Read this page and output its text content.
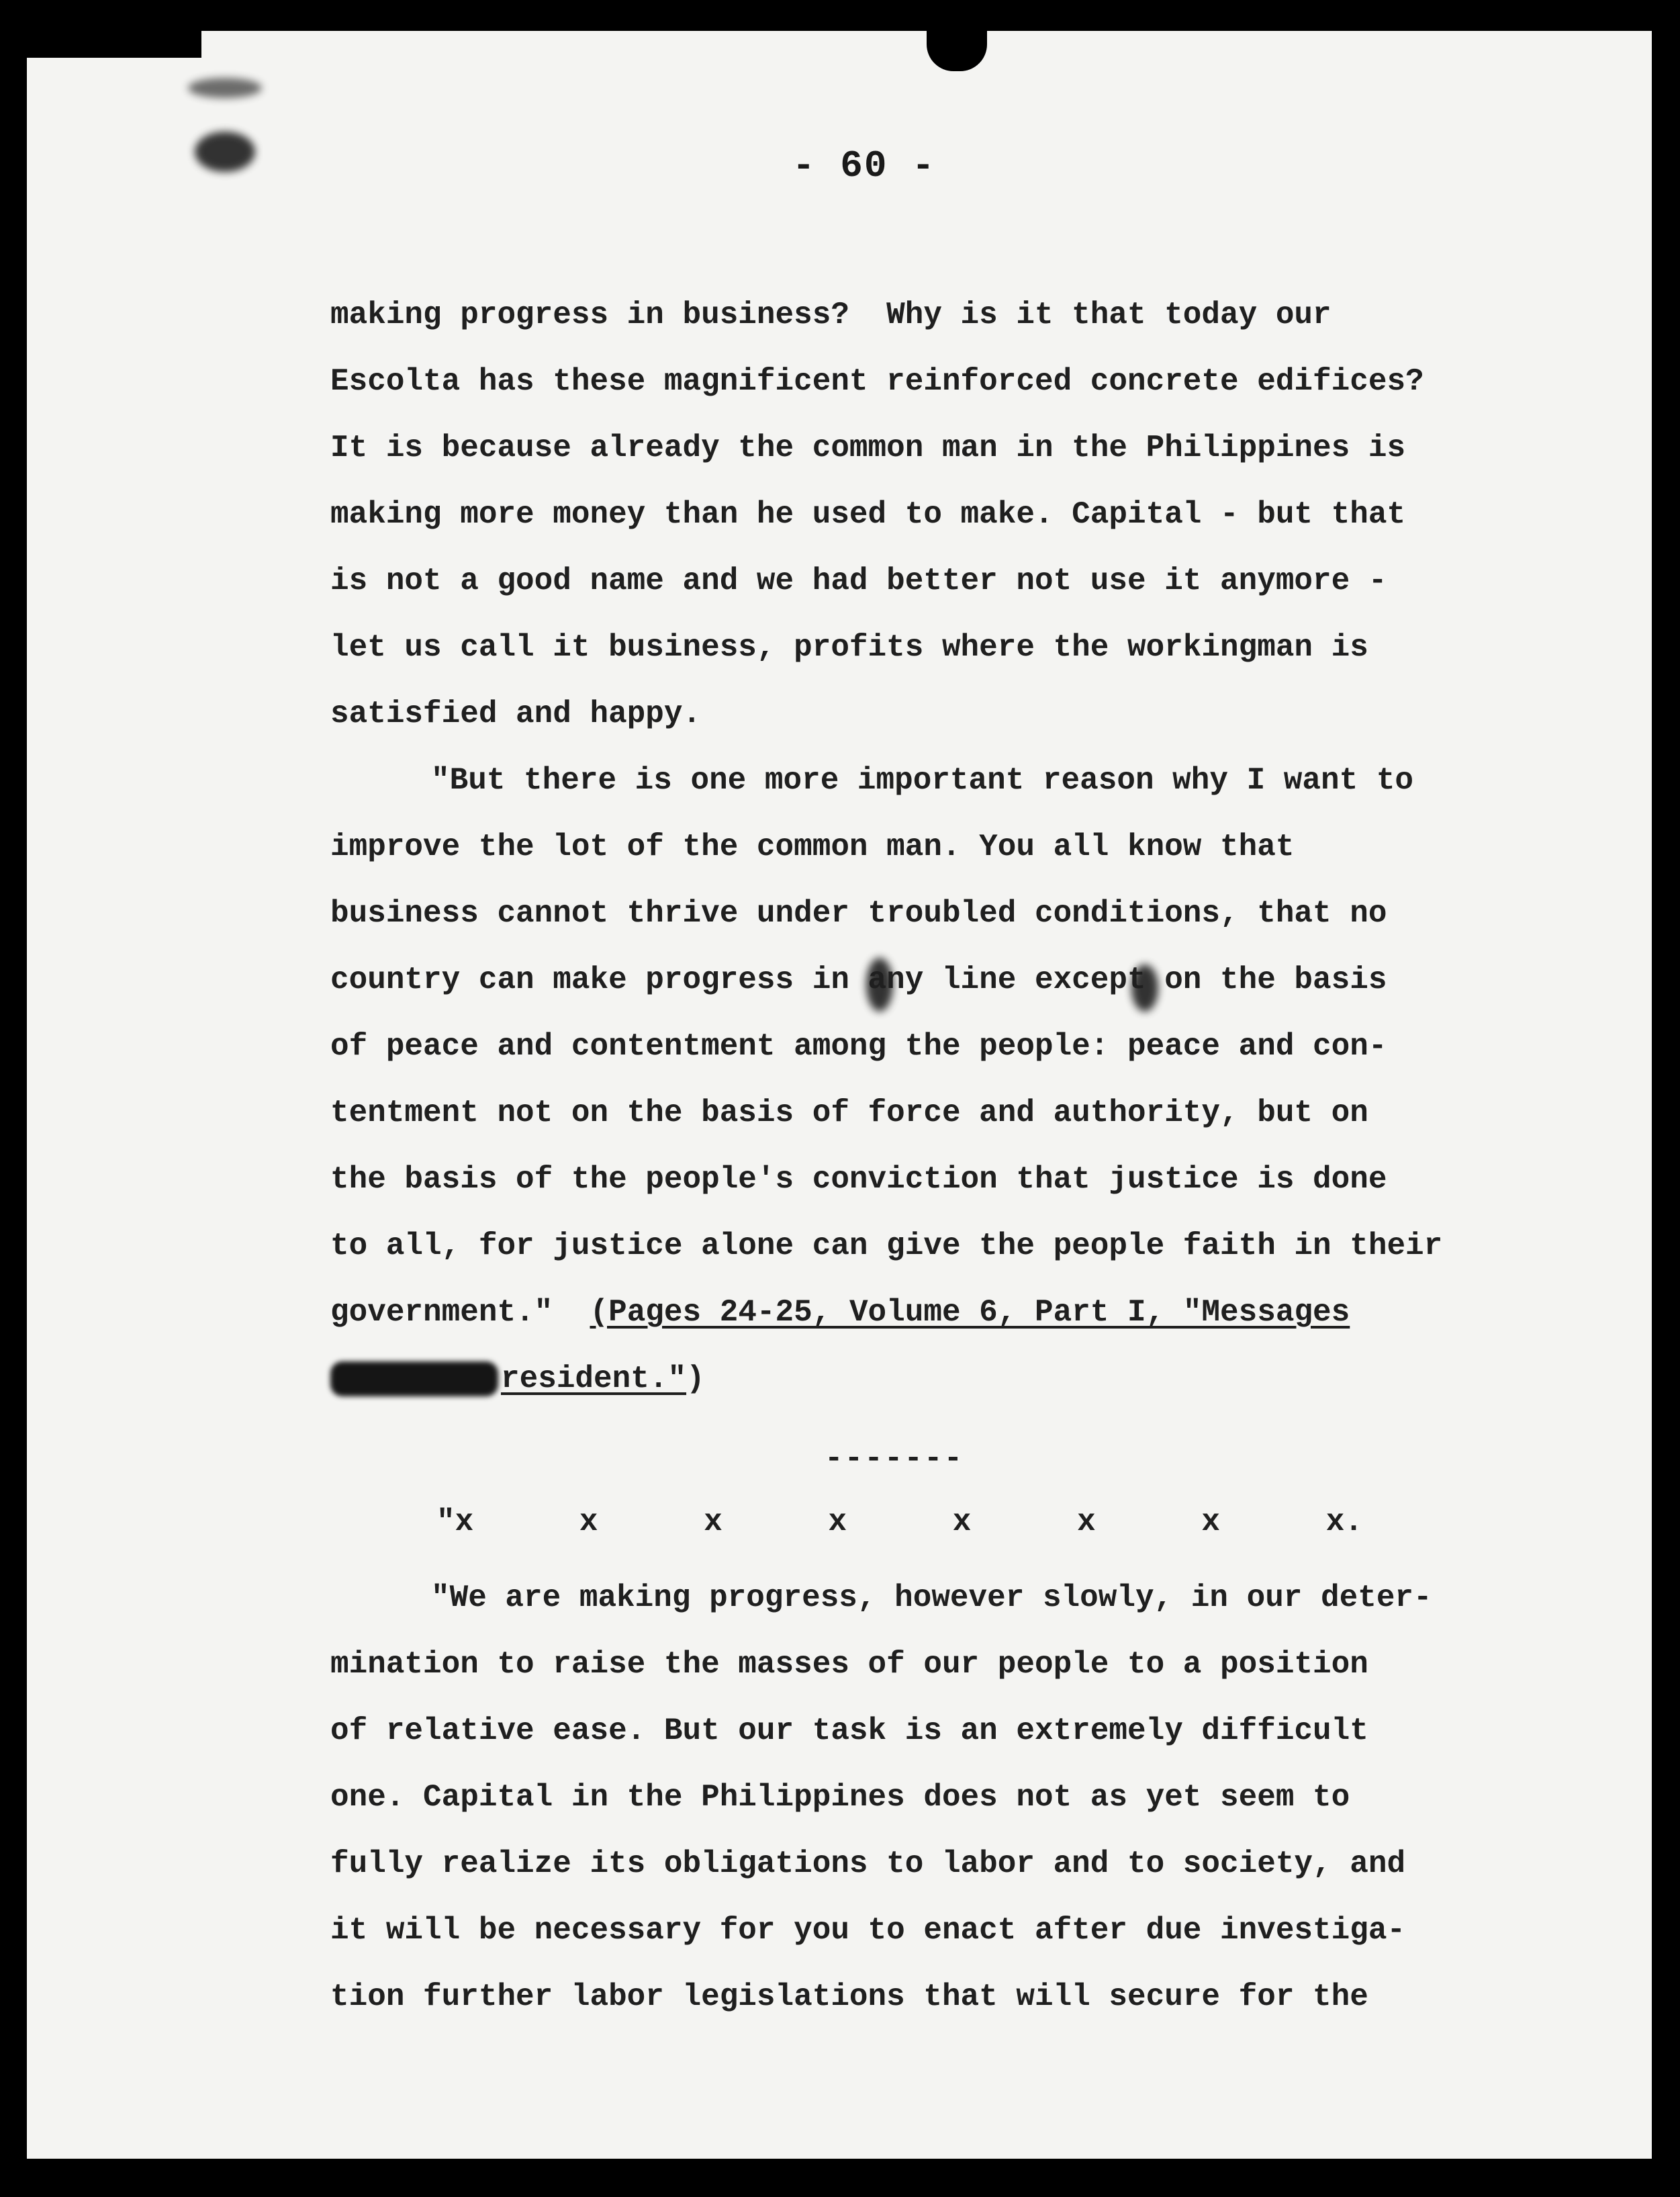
- 60 -
making progress in business?  Why is it that today our
Escolta has these magnificent reinforced concrete edifices?
It is because already the common man in the Philippines is
making more money than he used to make. Capital - but that
is not a good name and we had better not use it anymore -
let us call it business, profits where the workingman is
satisfied and happy.
"But there is one more important reason why I want to
improve the lot of the common man. You all know that
business cannot thrive under troubled conditions, that no
country can make progress in any line except on the basis
of peace and contentment among the people: peace and con-
tentment not on the basis of force and authority, but on
the basis of the people's conviction that justice is done
to all, for justice alone can give the people faith in their
government." (Pages 24-25, Volume 6, Part I, "Messages
resident.")
-------
"x	x	x	x	x	x	x	x.
"We are making progress, however slowly, in our deter-
mination to raise the masses of our people to a position
of relative ease. But our task is an extremely difficult
one. Capital in the Philippines does not as yet seem to
fully realize its obligations to labor and to society, and
it will be necessary for you to enact after due investiga-
tion further labor legislations that will secure for the
